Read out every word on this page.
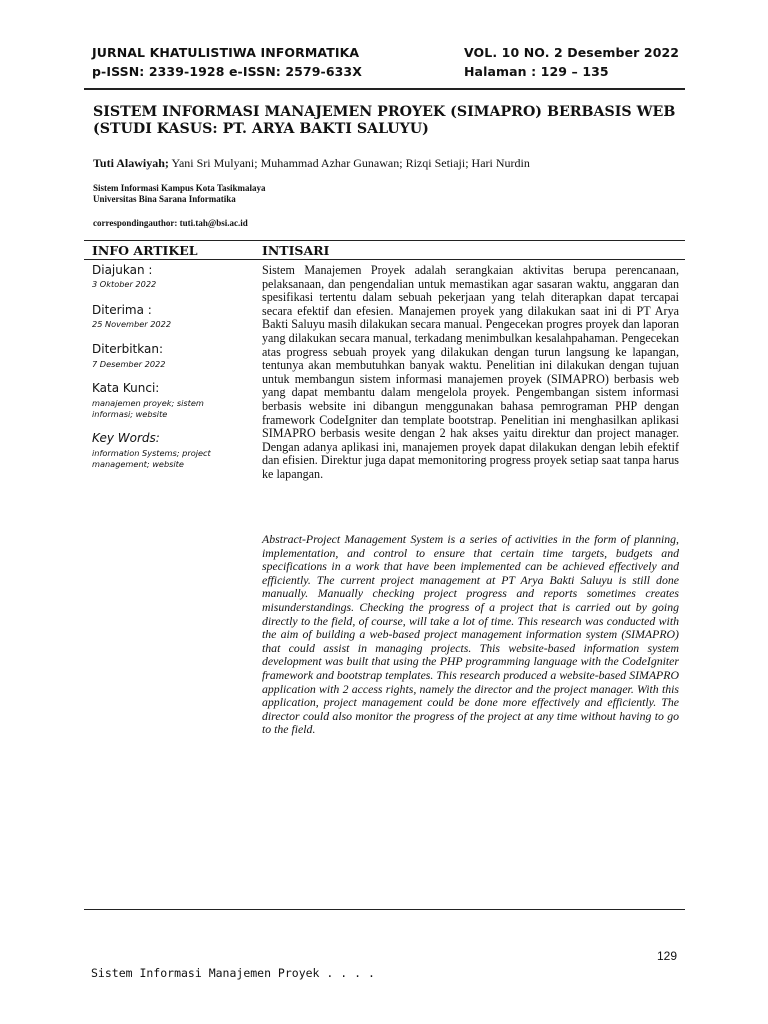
JURNAL KHATULISTIWA INFORMATIKA
p-ISSN: 2339-1928 e-ISSN: 2579-633X
VOL. 10 NO. 2 Desember 2022
Halaman : 129 – 135
SISTEM INFORMASI MANAJEMEN PROYEK (SIMAPRO) BERBASIS WEB
(STUDI KASUS: PT. ARYA BAKTI SALUYU)
Tuti Alawiyah; Yani Sri Mulyani; Muhammad Azhar Gunawan; Rizqi Setiaji; Hari Nurdin
Sistem Informasi Kampus Kota Tasikmalaya
Universitas Bina Sarana Informatika
correspondingauthor: tuti.tah@bsi.ac.id
INFO ARTIKEL	INTISARI
Diajukan :
3 Oktober 2022
Diterima :
25 November 2022
Diterbitkan:
7 Desember 2022
Kata Kunci:
manajemen proyek; sistem informasi; website
Key Words:
information Systems; project management; website
Sistem Manajemen Proyek adalah serangkaian aktivitas berupa perencanaan, pelaksanaan, dan pengendalian untuk memastikan agar sasaran waktu, anggaran dan spesifikasi tertentu dalam sebuah pekerjaan yang telah diterapkan dapat tercapai secara efektif dan efesien. Manajemen proyek yang dilakukan saat ini di PT Arya Bakti Saluyu masih dilakukan secara manual. Pengecekan progres proyek dan laporan yang dilakukan secara manual, terkadang menimbulkan kesalahpahaman. Pengecekan atas progress sebuah proyek yang dilakukan dengan turun langsung ke lapangan, tentunya akan membutuhkan banyak waktu. Penelitian ini dilakukan dengan tujuan untuk membangun sistem informasi manajemen proyek (SIMAPRO) berbasis web yang dapat membantu dalam mengelola proyek. Pengembangan sistem informasi berbasis website ini dibangun menggunakan bahasa pemrograman PHP dengan framework CodeIgniter dan template bootstrap. Penelitian ini menghasilkan aplikasi SIMAPRO berbasis wesite dengan 2 hak akses yaitu direktur dan project manager. Dengan adanya aplikasi ini, manajemen proyek dapat dilakukan dengan lebih efektif dan efisien. Direktur juga dapat memonitoring progress proyek setiap saat tanpa harus ke lapangan.
Abstract-Project Management System is a series of activities in the form of planning, implementation, and control to ensure that certain time targets, budgets and specifications in a work that have been implemented can be achieved effectively and efficiently. The current project management at PT Arya Bakti Saluyu is still done manually. Manually checking project progress and reports sometimes creates misunderstandings. Checking the progress of a project that is carried out by going directly to the field, of course, will take a lot of time. This research was conducted with the aim of building a web-based project management information system (SIMAPRO) that could assist in managing projects. This website-based information system development was built that using the PHP programming language with the CodeIgniter framework and bootstrap templates. This research produced a website-based SIMAPRO application with 2 access rights, namely the director and the project manager. With this application, project management could be done more effectively and efficiently. The director could also monitor the progress of the project at any time without having to go to the field.
129
Sistem Informasi Manajemen Proyek . . . .
